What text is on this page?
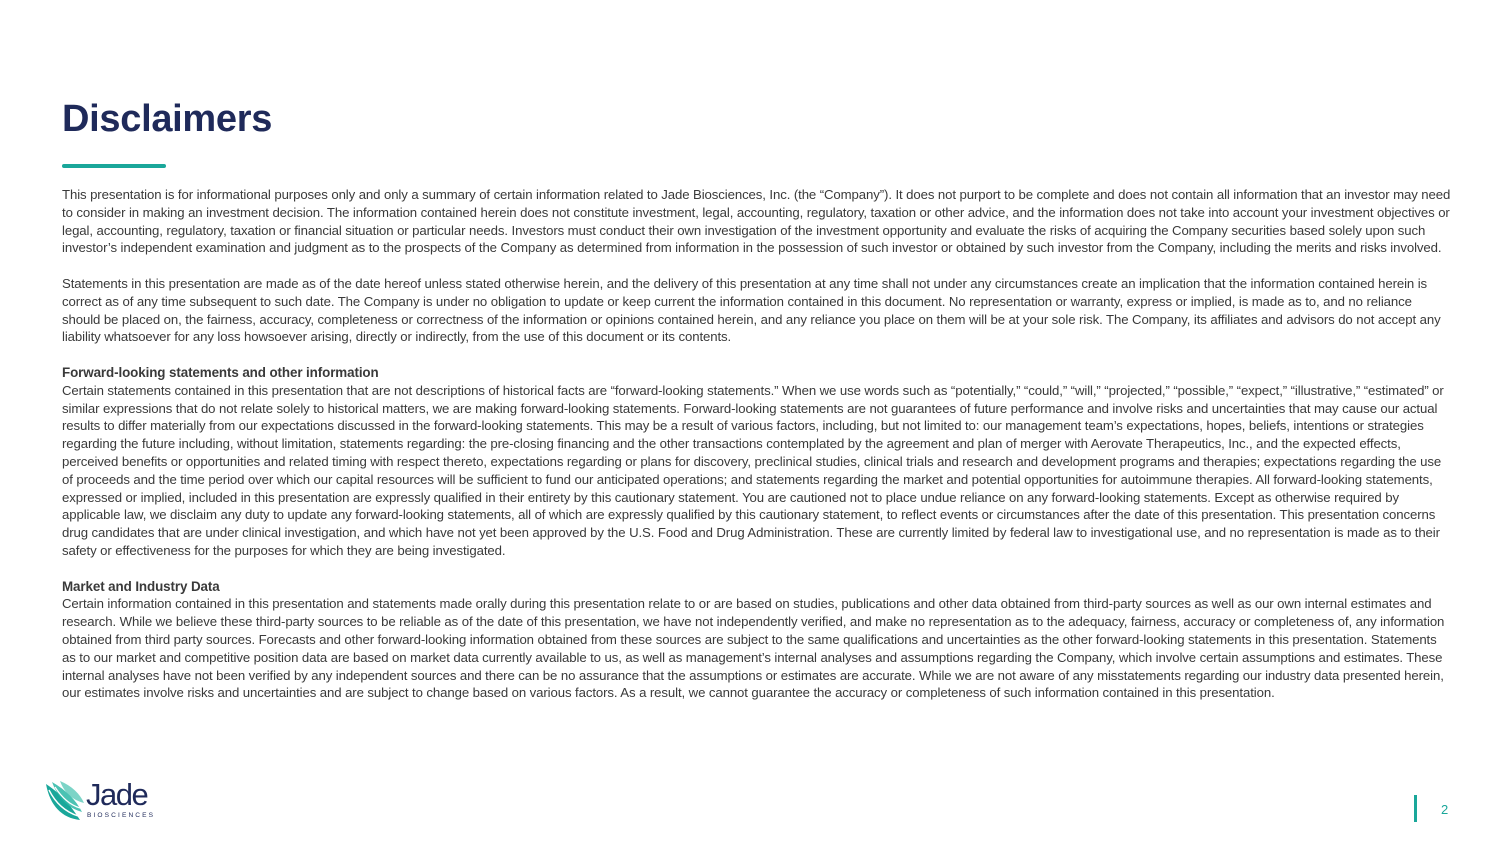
Disclaimers

This presentation is for informational purposes only and only a summary of certain information related to Jade Biosciences, Inc. (the “Company”). It does not purport to be complete and does not contain all information that an investor may need to consider in making an investment decision. The information contained herein does not constitute investment, legal, accounting, regulatory, taxation or other advice, and the information does not take into account your investment objectives or legal, accounting, regulatory, taxation or financial situation or particular needs. Investors must conduct their own investigation of the investment opportunity and evaluate the risks of acquiring the Company securities based solely upon such investor’s independent examination and judgment as to the prospects of the Company as determined from information in the possession of such investor or obtained by such investor from the Company, including the merits and risks involved.

Statements in this presentation are made as of the date hereof unless stated otherwise herein, and the delivery of this presentation at any time shall not under any circumstances create an implication that the information contained herein is correct as of any time subsequent to such date. The Company is under no obligation to update or keep current the information contained in this document. No representation or warranty, express or implied, is made as to, and no reliance should be placed on, the fairness, accuracy, completeness or correctness of the information or opinions contained herein, and any reliance you place on them will be at your sole risk. The Company, its affiliates and advisors do not accept any liability whatsoever for any loss howsoever arising, directly or indirectly, from the use of this document or its contents.

Forward-looking statements and other information

Certain statements contained in this presentation that are not descriptions of historical facts are “forward-looking statements.” When we use words such as “potentially,” “could,” “will,” “projected,” “possible,” “expect,” “illustrative,” “estimated” or similar expressions that do not relate solely to historical matters, we are making forward-looking statements. Forward-looking statements are not guarantees of future performance and involve risks and uncertainties that may cause our actual results to differ materially from our expectations discussed in the forward-looking statements. This may be a result of various factors, including, but not limited to: our management team’s expectations, hopes, beliefs, intentions or strategies regarding the future including, without limitation, statements regarding: the pre-closing financing and the other transactions contemplated by the agreement and plan of merger with Aerovate Therapeutics, Inc., and the expected effects, perceived benefits or opportunities and related timing with respect thereto, expectations regarding or plans for discovery, preclinical studies, clinical trials and research and development programs and therapies; expectations regarding the use of proceeds and the time period over which our capital resources will be sufficient to fund our anticipated operations; and statements regarding the market and potential opportunities for autoimmune therapies. All forward-looking statements, expressed or implied, included in this presentation are expressly qualified in their entirety by this cautionary statement. You are cautioned not to place undue reliance on any forward-looking statements. Except as otherwise required by applicable law, we disclaim any duty to update any forward-looking statements, all of which are expressly qualified by this cautionary statement, to reflect events or circumstances after the date of this presentation. This presentation concerns drug candidates that are under clinical investigation, and which have not yet been approved by the U.S. Food and Drug Administration. These are currently limited by federal law to investigational use, and no representation is made as to their safety or effectiveness for the purposes for which they are being investigated.

Market and Industry Data

Certain information contained in this presentation and statements made orally during this presentation relate to or are based on studies, publications and other data obtained from third-party sources as well as our own internal estimates and research. While we believe these third-party sources to be reliable as of the date of this presentation, we have not independently verified, and make no representation as to the adequacy, fairness, accuracy or completeness of, any information obtained from third party sources. Forecasts and other forward-looking information obtained from these sources are subject to the same qualifications and uncertainties as the other forward-looking statements in this presentation. Statements as to our market and competitive position data are based on market data currently available to us, as well as management’s internal analyses and assumptions regarding the Company, which involve certain assumptions and estimates. These internal analyses have not been verified by any independent sources and there can be no assurance that the assumptions or estimates are accurate. While we are not aware of any misstatements regarding our industry data presented herein, our estimates involve risks and uncertainties and are subject to change based on various factors. As a result, we cannot guarantee the accuracy or completeness of such information contained in this presentation.

Jade
BIOSCIENCES	2
